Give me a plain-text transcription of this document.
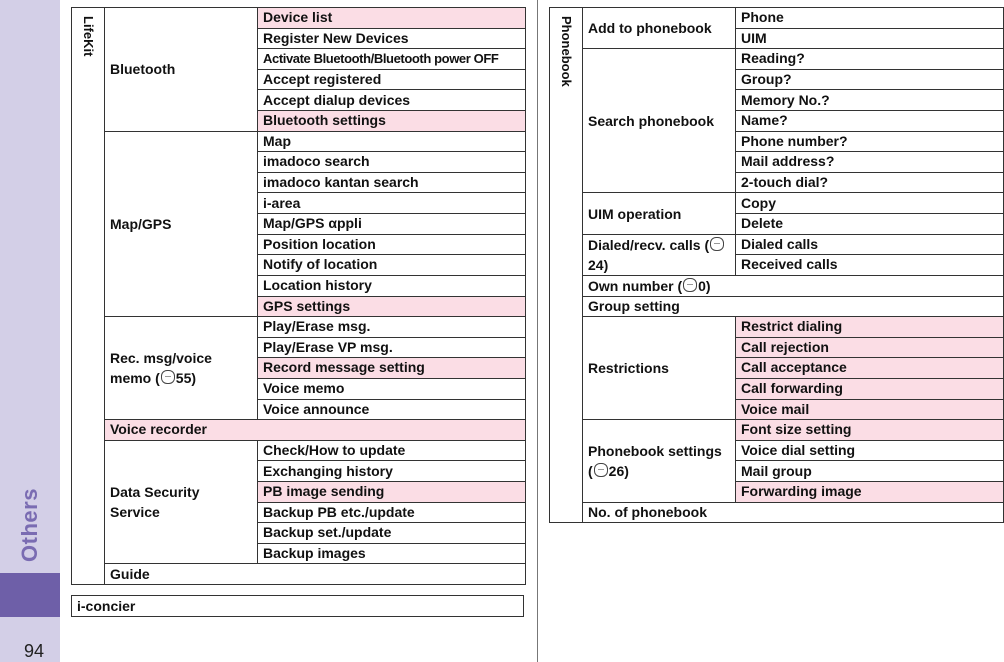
Others
94
LifeKit	Bluetooth	Device list
		Register New Devices
		Activate Bluetooth/Bluetooth power OFF
		Accept registered
		Accept dialup devices
		Bluetooth settings
	Map/GPS	Map
		imadoco search
		imadoco kantan search
		i-area
		Map/GPS αppli
		Position location
		Notify of location
		Location history
		GPS settings
	Rec. msg/voice memo ( 55)	Play/Erase msg.
		Play/Erase VP msg.
		Record message setting
		Voice memo
		Voice announce
	Voice recorder	
	Data Security Service	Check/How to update
		Exchanging history
		PB image sending
		Backup PB etc./update
		Backup set./update
		Backup images
	Guide	
i-concier
Phonebook	Add to phonebook	Phone
		UIM
	Search phonebook	Reading?
		Group?
		Memory No.?
		Name?
		Phone number?
		Mail address?
		2-touch dial?
	UIM operation	Copy
		Delete
	Dialed/recv. calls (24)	Dialed calls
		Received calls
	Own number ( 0)	
	Group setting	
	Restrictions	Restrict dialing
		Call rejection
		Call acceptance
		Call forwarding
		Voice mail
	Phonebook settings ( 26)	Font size setting
		Voice dial setting
		Mail group
		Forwarding image
	No. of phonebook	
